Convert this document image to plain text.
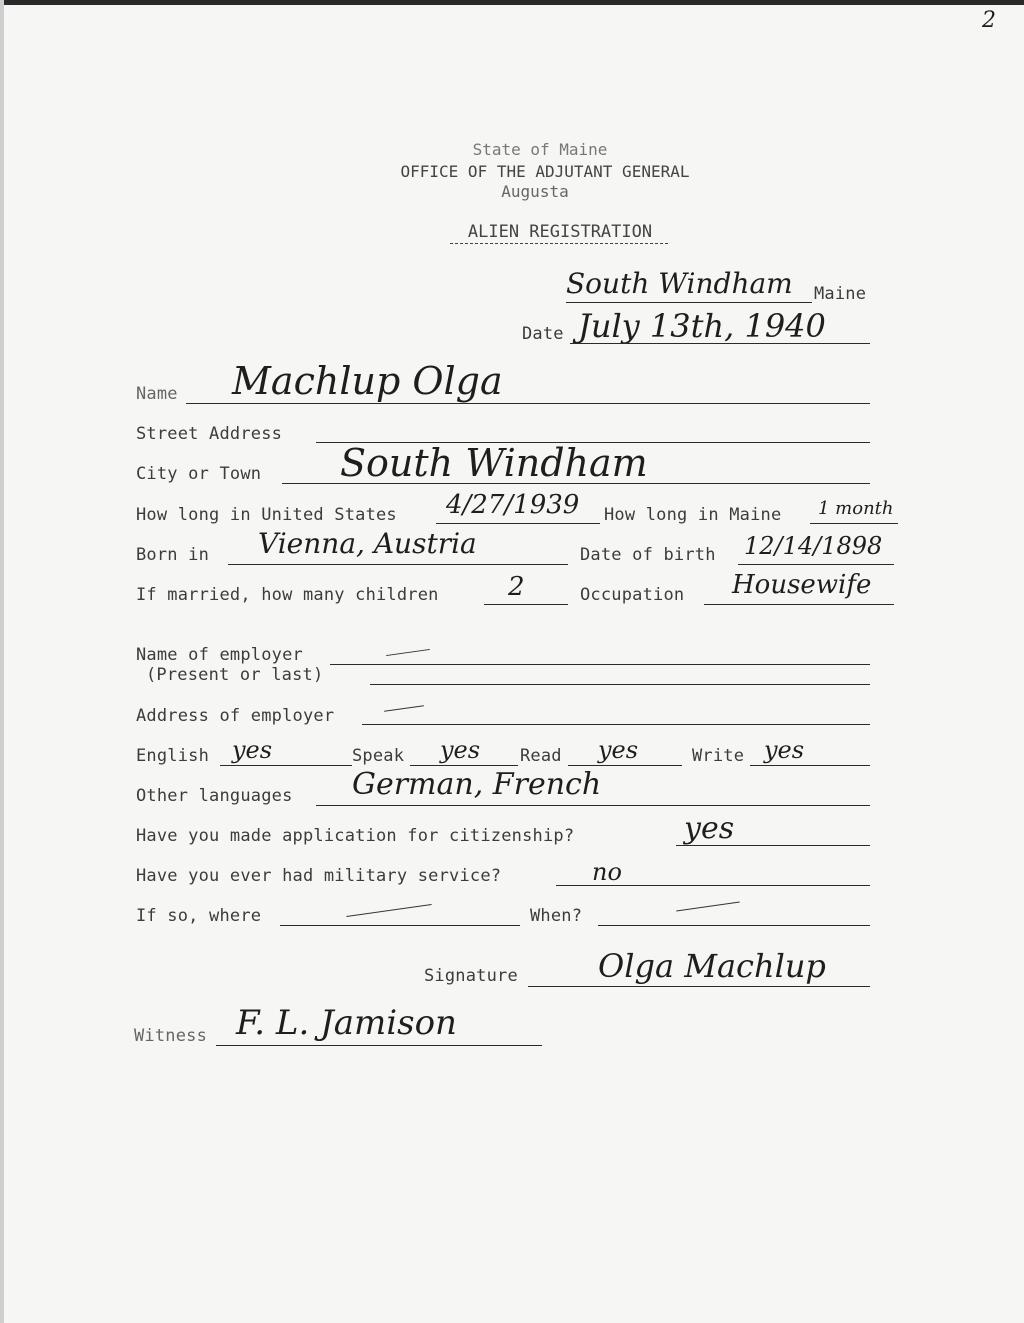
2
State of Maine
OFFICE OF THE ADJUTANT GENERAL
Augusta
ALIEN REGISTRATION
South Windham Maine
Date July 13th, 1940
Name Machlup Olga
Street Address
City or Town South Windham
How long in United States 4/27/1939 How long in Maine 1 month
Born in Vienna, Austria	Date of birth 12/14/1898
If married, how many children	2	Occupation Housewife
Name of employer
(Present or last)
Address of employer
English yes	Speak yes Read yes	Write yes
Other languages German, French
Have you made application for citizenship?	yes
Have you ever had military service?	no
If so, where	When?
Signature	Olga Machlup
Witness F. L. Jamison
